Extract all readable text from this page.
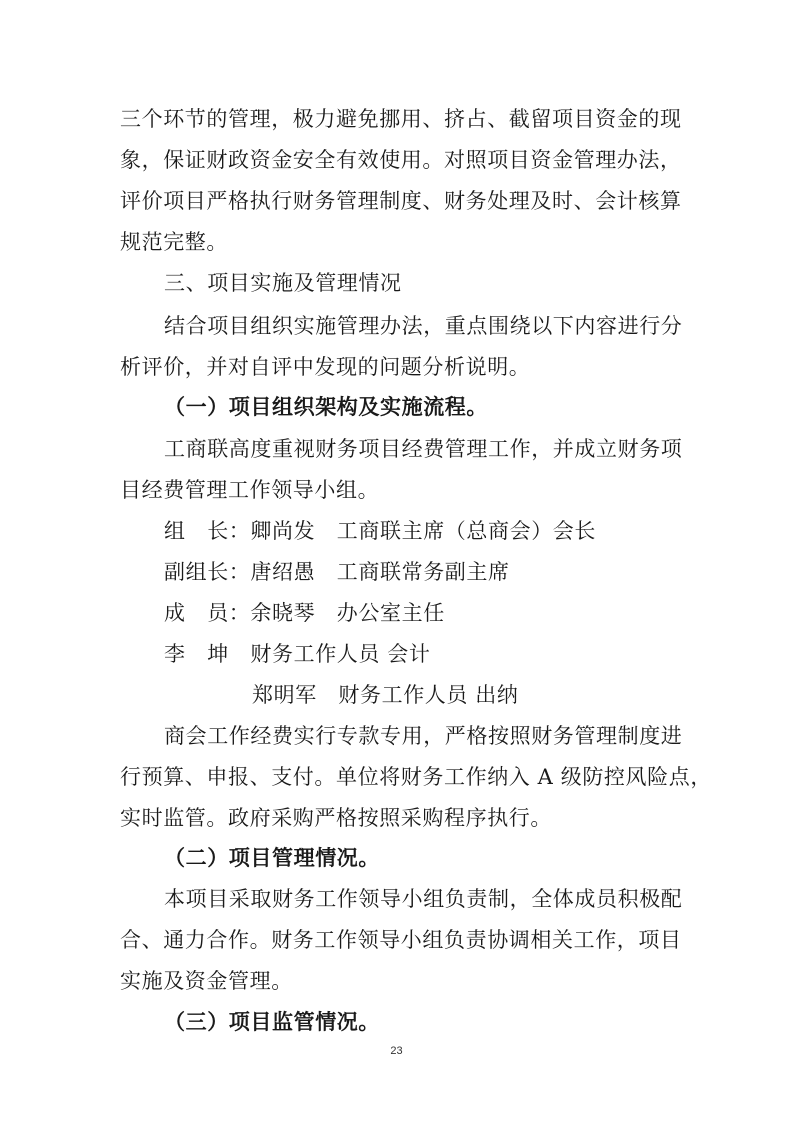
三个环节的管理，极力避免挪用、挤占、截留项目资金的现
象，保证财政资金安全有效使用。对照项目资金管理办法，
评价项目严格执行财务管理制度、财务处理及时、会计核算
规范完整。
三、项目实施及管理情况
结合项目组织实施管理办法，重点围绕以下内容进行分
析评价，并对自评中发现的问题分析说明。
（一）项目组织架构及实施流程。
工商联高度重视财务项目经费管理工作，并成立财务项
目经费管理工作领导小组。
组　长：卿尚发　工商联主席（总商会）会长
副组长：唐绍愚　工商联常务副主席
成　员：余晓琴　办公室主任
李　坤　财务工作人员 会计
郑明军　财务工作人员 出纳
商会工作经费实行专款专用，严格按照财务管理制度进
行预算、申报、支付。单位将财务工作纳入 A 级防控风险点，
实时监管。政府采购严格按照采购程序执行。
（二）项目管理情况。
本项目采取财务工作领导小组负责制，全体成员积极配
合、通力合作。财务工作领导小组负责协调相关工作，项目
实施及资金管理。
（三）项目监管情况。
23
